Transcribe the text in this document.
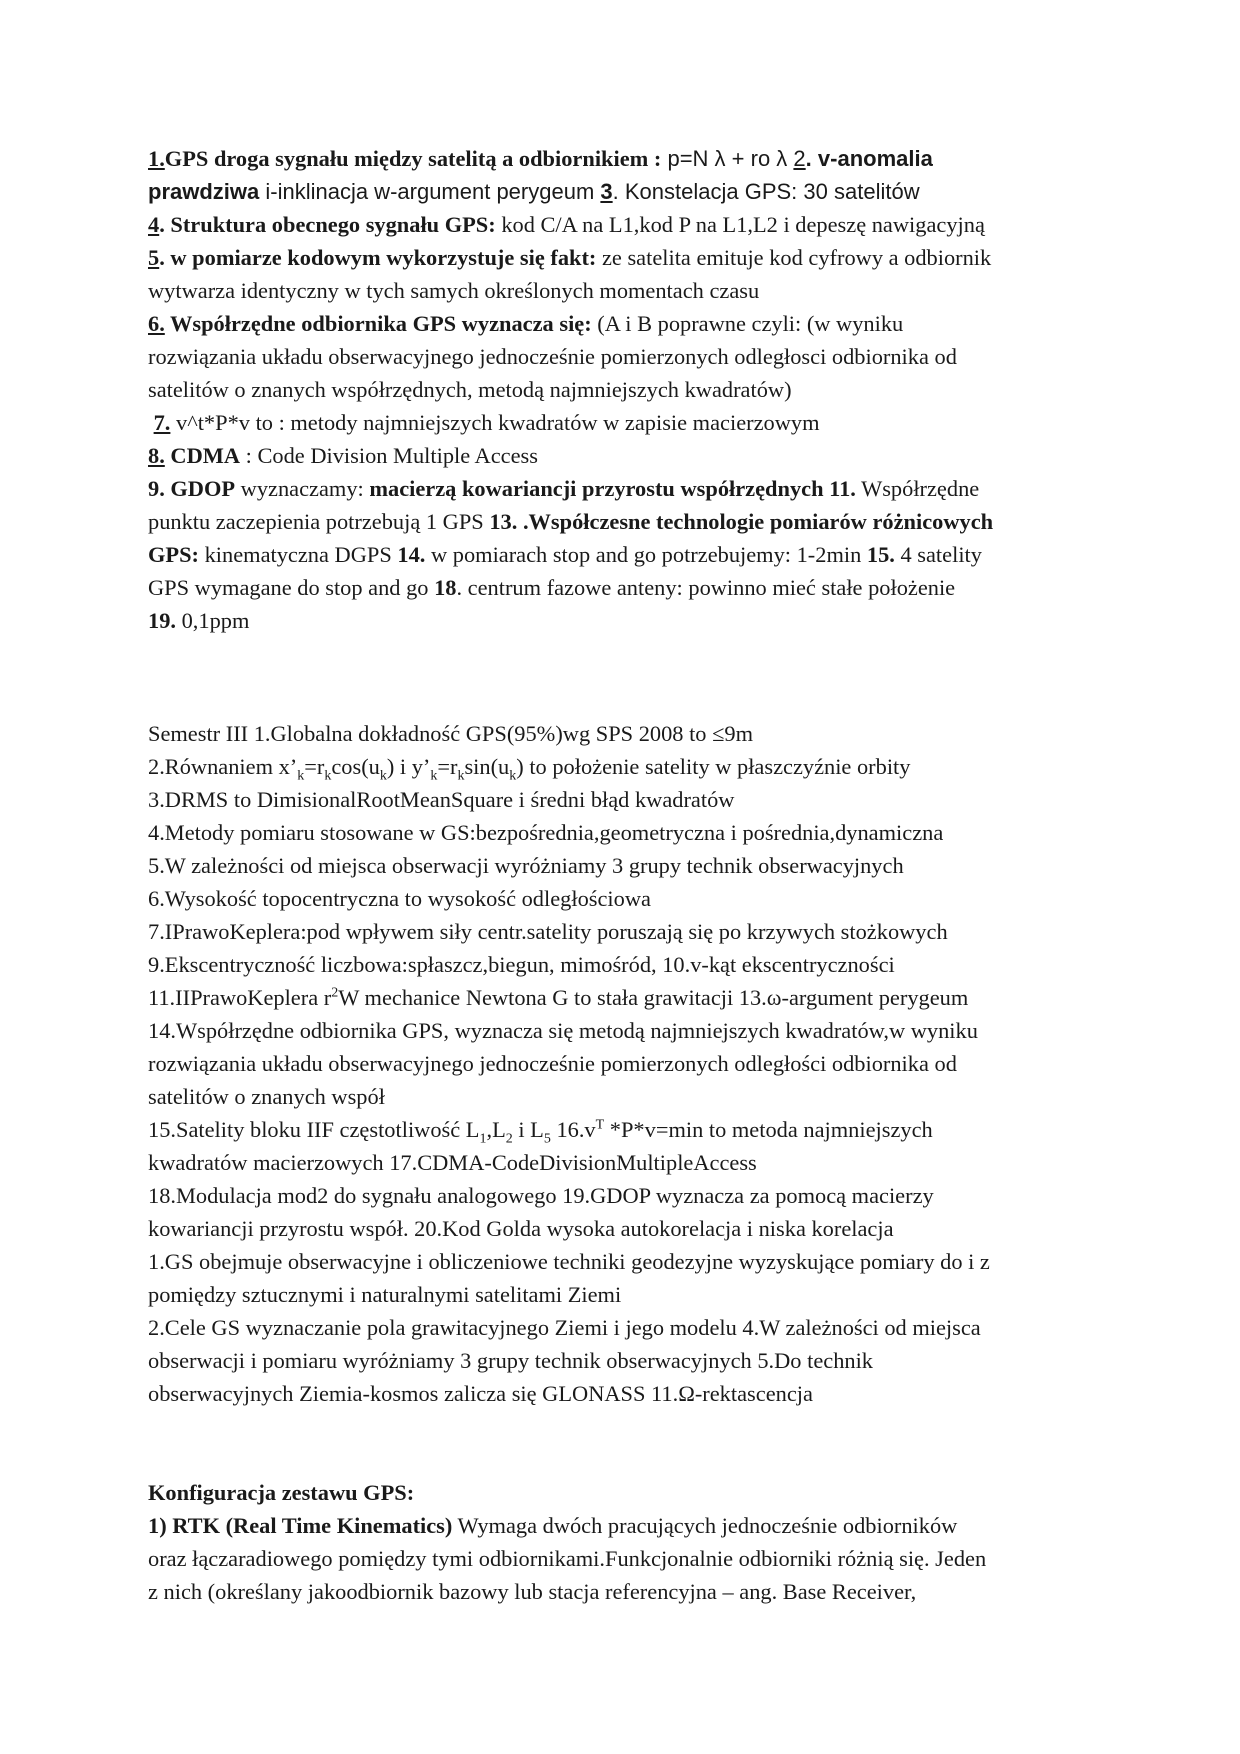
1.GPS droga sygnału między satelitą a odbiornikiem : p=N λ + ro λ 2. v-anomalia
prawdziwa i-inklinacja w-argument perygeum 3. Konstelacja GPS: 30 satelitów
4. Struktura obecnego sygnału GPS: kod C/A na L1,kod P na L1,L2 i depeszę nawigacyjną
5. w pomiarze kodowym wykorzystuje się fakt: ze satelita emituje kod cyfrowy a odbiornik
wytwarza identyczny w tych samych określonych momentach czasu
6. Współrzędne odbiornika GPS wyznacza się: (A i B poprawne czyli: (w wyniku
rozwiązania układu obserwacyjnego jednocześnie pomierzonych odległosci odbiornika od
satelitów o znanych współrzędnych, metodą najmniejszych kwadratów)
7. v^t*P*v to : metody najmniejszych kwadratów w zapisie macierzowym
8. CDMA : Code Division Multiple Access
9. GDOP wyznaczamy: macierzą kowariancji przyrostu współrzędnych 11. Współrzędne
punktu zaczepienia potrzebują 1 GPS 13. .Współczesne technologie pomiarów różnicowych
GPS: kinematyczna DGPS 14. w pomiarach stop and go potrzebujemy: 1-2min 15. 4 satelity
GPS wymagane do stop and go 18. centrum fazowe anteny: powinno mieć stałe położenie
19. 0,1ppm
Semestr III 1.Globalna dokładność GPS(95%)wg SPS 2008 to ≤9m
2.Równaniem $x’_k=r_k\cos(u_k)$ i $y’_k=r_k\sin(u_k)$ to położenie satelity w płaszczyźnie orbity
3.DRMS to DimisionalRootMeanSquare i średni błąd kwadratów
4.Metody pomiaru stosowane w GS:bezpośrednia,geometryczna i pośrednia,dynamiczna
5.W zależności od miejsca obserwacji wyróżniamy 3 grupy technik obserwacyjnych
6.Wysokość topocentryczna to wysokość odległościowa
7.IPrawoKeplera:pod wpływem siły centr.satelity poruszają się po krzywych stożkowych
9.Ekscentryczność liczbowa:spłaszcz,biegun, mimośród, 10.v-kąt ekscentryczności
11.IIPrawoKeplera $r^2W$ mechanice Newtona G to stała grawitacji 13.ω-argument perygeum
14.Współrzędne odbiornika GPS, wyznacza się metodą najmniejszych kwadratów,w wyniku
rozwiązania układu obserwacyjnego jednocześnie pomierzonych odległości odbiornika od
satelitów o znanych współ
15.Satelity bloku IIF częstotliwość $L_1,L_2$ i $L_5$ $16.v^T$ *P*v=min to metoda najmniejszych
kwadratów macierzowych 17.CDMA-CodeDivisionMultipleAccess
18.Modulacja mod2 do sygnału analogowego 19.GDOP wyznacza za pomocą macierzy
kowariancji przyrostu współ. 20.Kod Golda wysoka autokorelacja i niska korelacja
1.GS obejmuje obserwacyjne i obliczeniowe techniki geodezyjne wyzyskujące pomiary do i z
pomiędzy sztucznymi i naturalnymi satelitami Ziemi
2.Cele GS wyznaczanie pola grawitacyjnego Ziemi i jego modelu 4.W zależności od miejsca
obserwacji i pomiaru wyróżniamy 3 grupy technik obserwacyjnych 5.Do technik
obserwacyjnych Ziemia-kosmos zalicza się GLONASS 11.Ω-rektascencja
Konfiguracja zestawu GPS:
1) RTK (Real Time Kinematics) Wymaga dwóch pracujących jednocześnie odbiorników
oraz łączaradiowego pomiędzy tymi odbiornikami.Funkcjonalnie odbiorniki różnią się. Jeden
z nich (określany jakoodbiornik bazowy lub stacja referencyjna – ang. Base Receiver,
